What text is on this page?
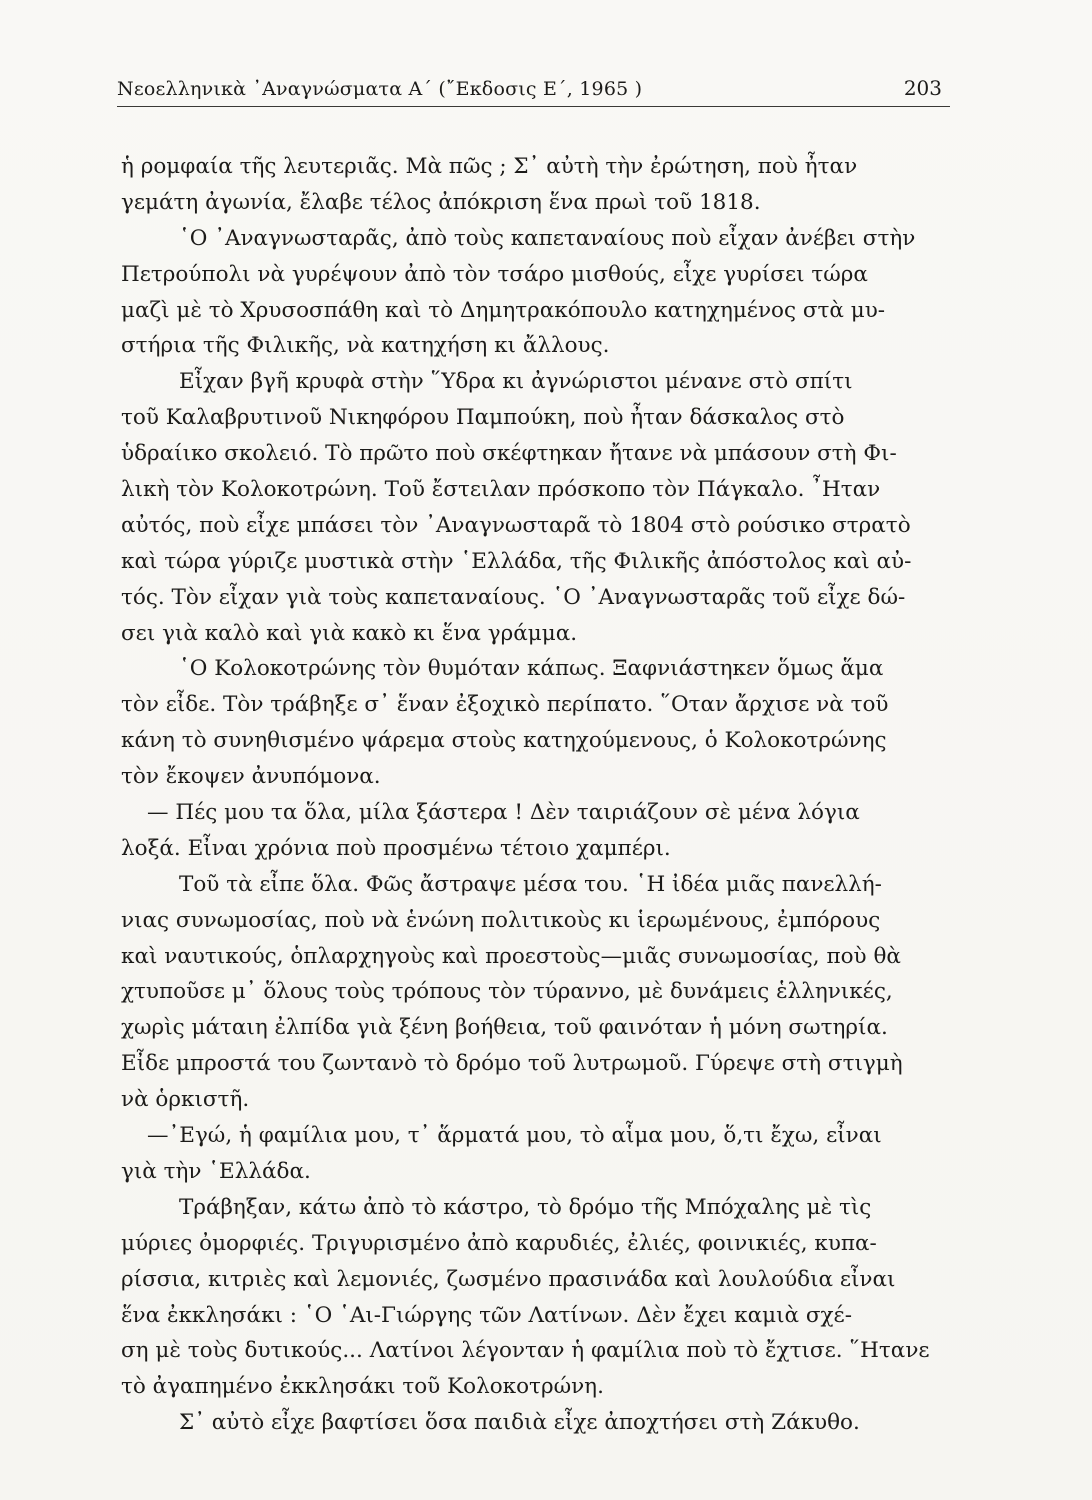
Νεοελληνικὰ ᾿Αναγνώσματα Α΄ (῎Εκδοσις Ε΄, 1965 )	203
ἡ ρομφαία τῆς λευτεριᾶς. Μὰ πῶς ; Σ᾿ αὐτὴ τὴν ἐρώτηση, ποὺ ἦταν
γεμάτη ἀγωνία, ἔλαβε τέλος ἀπόκριση ἕνα πρωὶ τοῦ 1818.
῾Ο ᾿Αναγνωσταρᾶς, ἀπὸ τοὺς καπεταναίους ποὺ εἶχαν ἀνέβει στὴν
Πετρούπολι νὰ γυρέψουν ἀπὸ τὸν τσάρο μισθούς, εἶχε γυρίσει τώρα
μαζὶ μὲ τὸ Χρυσοσπάθη καὶ τὸ Δημητρακόπουλο κατηχημένος στὰ μυ-
στήρια τῆς Φιλικῆς, νὰ κατηχήση κι ἄλλους.
Εἶχαν βγῆ κρυφὰ στὴν ῞Υδρα κι ἀγνώριστοι μένανε στὸ σπίτι
τοῦ Καλαβρυτινοῦ Νικηφόρου Παμπούκη, ποὺ ἦταν δάσκαλος στὸ
ὑδραίικο σκολειό. Τὸ πρῶτο ποὺ σκέφτηκαν ἤτανε νὰ μπάσουν στὴ Φι-
λικὴ τὸν Κολοκοτρώνη. Τοῦ ἔστειλαν πρόσκοπο τὸν Πάγκαλο. ῏Ηταν
αὐτός, ποὺ εἶχε μπάσει τὸν ᾿Αναγνωσταρᾶ τὸ 1804 στὸ ρούσικο στρατὸ
καὶ τώρα γύριζε μυστικὰ στὴν ῾Ελλάδα, τῆς Φιλικῆς ἀπόστολος καὶ αὐ-
τός. Τὸν εἶχαν γιὰ τοὺς καπεταναίους. ῾Ο ᾿Αναγνωσταρᾶς τοῦ εἶχε δώ-
σει γιὰ καλὸ καὶ γιὰ κακὸ κι ἕνα γράμμα.
῾Ο Κολοκοτρώνης τὸν θυμόταν κάπως. Ξαφνιάστηκεν ὅμως ἅμα
τὸν εἶδε. Τὸν τράβηξε σ᾿ ἕναν ἐξοχικὸ περίπατο. ῞Οταν ἄρχισε νὰ τοῦ
κάνη τὸ συνηθισμένο ψάρεμα στοὺς κατηχούμενους, ὁ Κολοκοτρώνης
τὸν ἔκοψεν ἀνυπόμονα.
— Πές μου τα ὅλα, μίλα ξάστερα ! Δὲν ταιριάζουν σὲ μένα λόγια
λοξά. Εἶναι χρόνια ποὺ προσμένω τέτοιο χαμπέρι.
Τοῦ τὰ εἶπε ὅλα. Φῶς ἄστραψε μέσα του. ῾Η ἰδέα μιᾶς πανελλή-
νιας συνωμοσίας, ποὺ νὰ ἑνώνη πολιτικοὺς κι ἱερωμένους, ἐμπόρους
καὶ ναυτικούς, ὁπλαρχηγοὺς καὶ προεστοὺς—μιᾶς συνωμοσίας, ποὺ θὰ
χτυποῦσε μ᾿ ὅλους τοὺς τρόπους τὸν τύραννο, μὲ δυνάμεις ἑλληνικές,
χωρὶς μάταιη ἐλπίδα γιὰ ξένη βοήθεια, τοῦ φαινόταν ἡ μόνη σωτηρία.
Εἶδε μπροστά του ζωντανὸ τὸ δρόμο τοῦ λυτρωμοῦ. Γύρεψε στὴ στιγμὴ
νὰ ὁρκιστῆ.
—᾿Εγώ, ἡ φαμίλια μου, τ᾿ ἅρματά μου, τὸ αἷμα μου, ὅ,τι ἔχω, εἶναι
γιὰ τὴν ῾Ελλάδα.
Τράβηξαν, κάτω ἀπὸ τὸ κάστρο, τὸ δρόμο τῆς Μπόχαλης μὲ τὶς
μύριες ὀμορφιές. Τριγυρισμένο ἀπὸ καρυδιές, ἐλιές, φοινικιές, κυπα-
ρίσσια, κιτριὲς καὶ λεμονιές, ζωσμένο πρασινάδα καὶ λουλούδια εἶναι
ἕνα ἐκκλησάκι : ῾Ο ῾Αι-Γιώργης τῶν Λατίνων. Δὲν ἔχει καμιὰ σχέ-
ση μὲ τοὺς δυτικούς... Λατίνοι λέγονταν ἡ φαμίλια ποὺ τὸ ἔχτισε. ῞Ητανε
τὸ ἀγαπημένο ἐκκλησάκι τοῦ Κολοκοτρώνη.
Σ᾿ αὐτὸ εἶχε βαφτίσει ὅσα παιδιὰ εἶχε ἀποχτήσει στὴ Ζάκυθο.
